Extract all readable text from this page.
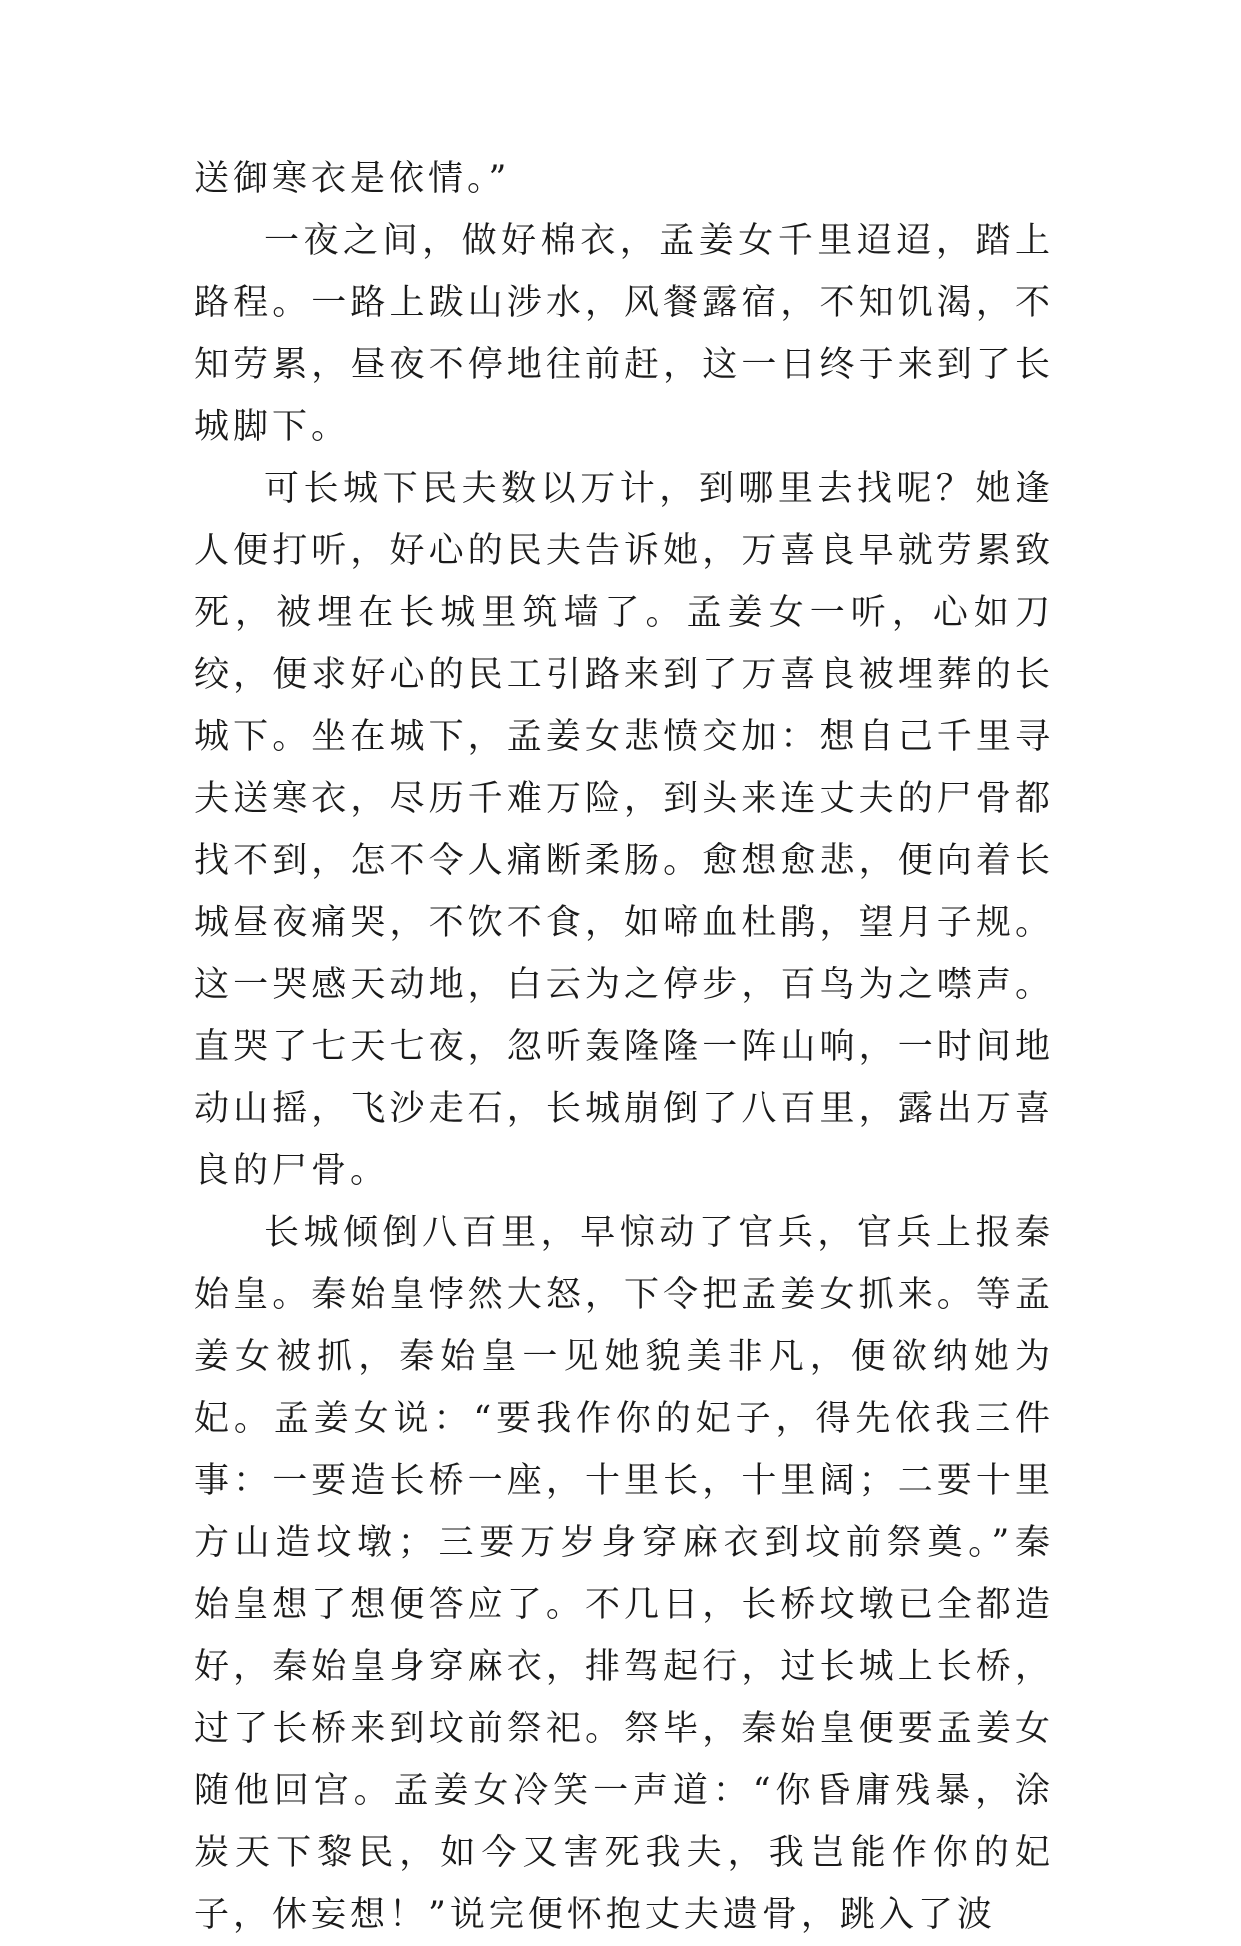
送御寒衣是依情。”

一夜之间，做好棉衣，孟姜女千里迢迢，踏上路程。一路上跋山涉水，风餐露宿，不知饥渴，不知劳累，昼夜不停地往前赶，这一日终于来到了长城脚下。

可长城下民夫数以万计，到哪里去找呢？她逢人便打听，好心的民夫告诉她，万喜良早就劳累致死，被埋在长城里筑墙了。孟姜女一听，心如刀绞，便求好心的民工引路来到了万喜良被埋葬的长城下。坐在城下，孟姜女悲愤交加：想自己千里寻夫送寒衣，尽历千难万险，到头来连丈夫的尸骨都找不到，怎不令人痛断柔肠。愈想愈悲，便向着长城昼夜痛哭，不饮不食，如啼血杜鹃，望月子规。这一哭感天动地，白云为之停步，百鸟为之噤声。直哭了七天七夜，忽听轰隆隆一阵山响，一时间地动山摇，飞沙走石，长城崩倒了八百里，露出万喜良的尸骨。

长城倾倒八百里，早惊动了官兵，官兵上报秦始皇。秦始皇悖然大怒，下令把孟姜女抓来。等孟姜女被抓，秦始皇一见她貌美非凡，便欲纳她为妃。孟姜女说：“要我作你的妃子，得先依我三件事：一要造长桥一座，十里长，十里阔；二要十里方山造坟墩；三要万岁身穿麻衣到坟前祭奠。”秦始皇想了想便答应了。不几日，长桥坟墩已全都造好，秦始皇身穿麻衣，排驾起行，过长城上长桥，过了长桥来到坟前祭祀。祭毕，秦始皇便要孟姜女随他回宫。孟姜女冷笑一声道：“你昏庸残暴，涂炭天下黎民，如今又害死我夫，我岂能作你的妃子，休妄想！”说完便怀抱丈夫遗骨，跳入了波
